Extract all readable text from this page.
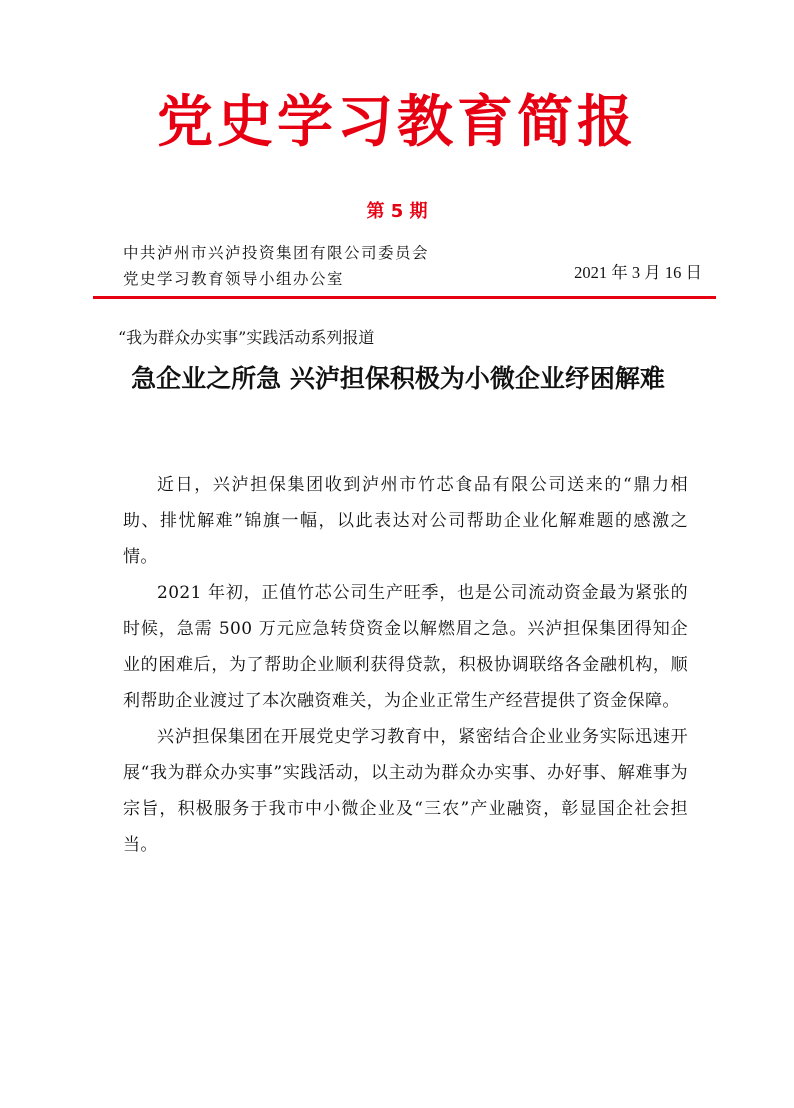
党史学习教育简报
第 5 期
中共泸州市兴泸投资集团有限公司委员会
党史学习教育领导小组办公室	2021 年 3 月 16 日
“我为群众办实事”实践活动系列报道
急企业之所急 兴泸担保积极为小微企业纾困解难

近日，兴泸担保集团收到泸州市竹芯食品有限公司送来的“鼎力相助、排忧解难”锦旗一幅，以此表达对公司帮助企业化解难题的感激之情。

2021 年初，正值竹芯公司生产旺季，也是公司流动资金最为紧张的时候，急需 500 万元应急转贷资金以解燃眉之急。兴泸担保集团得知企业的困难后，为了帮助企业顺利获得贷款，积极协调联络各金融机构，顺利帮助企业渡过了本次融资难关，为企业正常生产经营提供了资金保障。

兴泸担保集团在开展党史学习教育中，紧密结合企业业务实际迅速开展“我为群众办实事”实践活动，以主动为群众办实事、办好事、解难事为宗旨，积极服务于我市中小微企业及“三农”产业融资，彰显国企社会担当。
